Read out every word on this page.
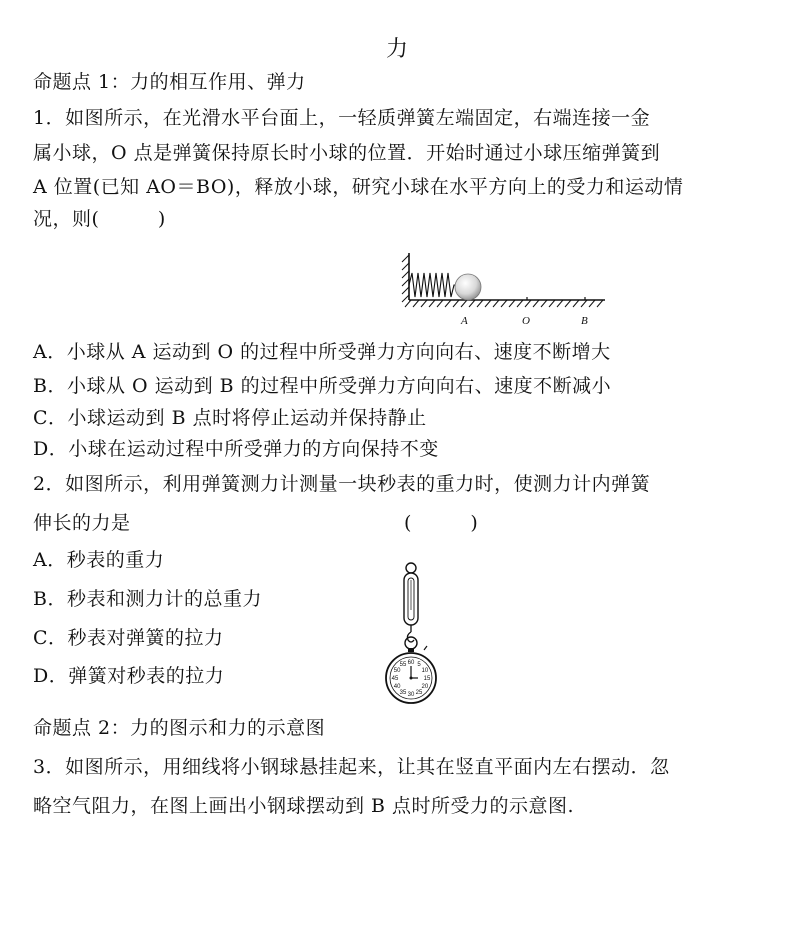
力
命题点 1：力的相互作用、弹力
1．如图所示，在光滑水平台面上，一轻质弹簧左端固定，右端连接一金
属小球，O 点是弹簧保持原长时小球的位置．开始时通过小球压缩弹簧到
A 位置(已知 AO＝BO)，释放小球，研究小球在水平方向上的受力和运动情
况，则(　　　)
A	O	B
A．小球从 A 运动到 O 的过程中所受弹力方向向右、速度不断增大
B．小球从 O 运动到 B 的过程中所受弹力方向向右、速度不断减小
C．小球运动到 B 点时将停止运动并保持静止
D．小球在运动过程中所受弹力的方向保持不变
2．如图所示，利用弹簧测力计测量一块秒表的重力时，使测力计内弹簧
伸长的力是	(　　　)
A．秒表的重力
B．秒表和测力计的总重力
C．秒表对弹簧的拉力
D．弹簧对秒表的拉力
60 5
10
15
20
25
30
35
40
45
50
55
命题点 2：力的图示和力的示意图
3．如图所示，用细线将小钢球悬挂起来，让其在竖直平面内左右摆动．忽
略空气阻力，在图上画出小钢球摆动到 B 点时所受力的示意图.
